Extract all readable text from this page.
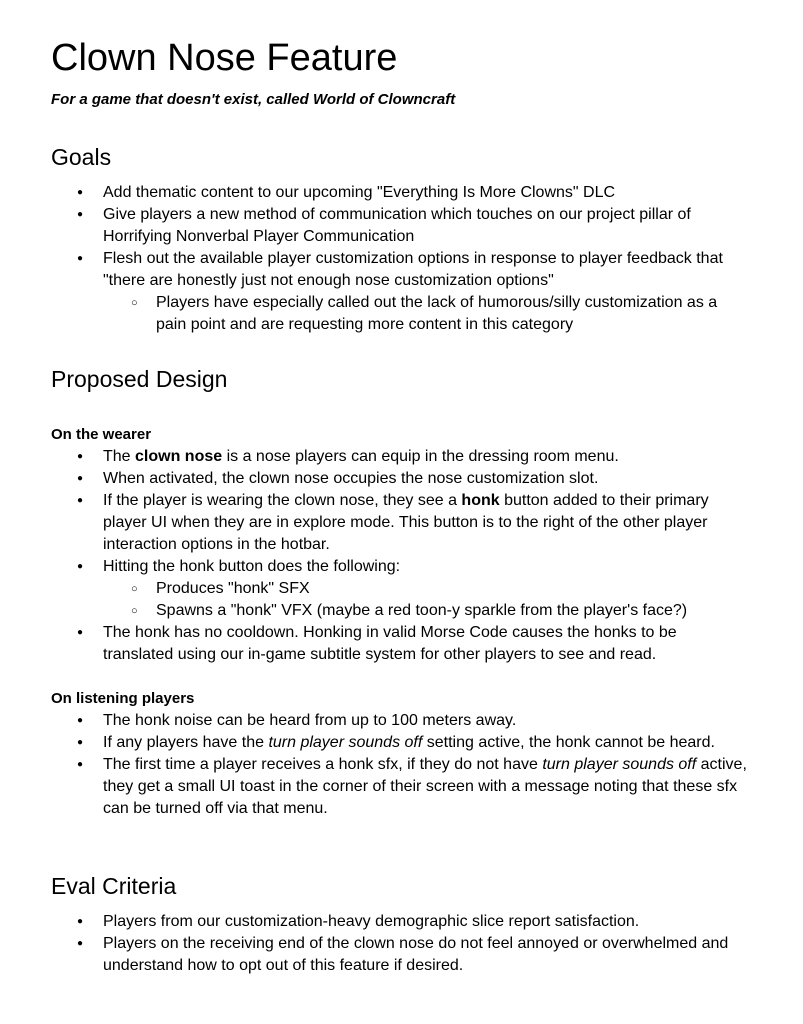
Clown Nose Feature
For a game that doesn't exist, called World of Clowncraft
Goals
● Add thematic content to our upcoming "Everything Is More Clowns" DLC
● Give players a new method of communication which touches on our project pillar of Horrifying Nonverbal Player Communication
● Flesh out the available player customization options in response to player feedback that "there are honestly just not enough nose customization options"
○ Players have especially called out the lack of humorous/silly customization as a pain point and are requesting more content in this category
Proposed Design
On the wearer
● The clown nose is a nose players can equip in the dressing room menu.
● When activated, the clown nose occupies the nose customization slot.
● If the player is wearing the clown nose, they see a honk button added to their primary player UI when they are in explore mode. This button is to the right of the other player interaction options in the hotbar.
● Hitting the honk button does the following:
○ Produces "honk" SFX
○ Spawns a "honk" VFX (maybe a red toon-y sparkle from the player's face?)
● The honk has no cooldown. Honking in valid Morse Code causes the honks to be translated using our in-game subtitle system for other players to see and read.
On listening players
● The honk noise can be heard from up to 100 meters away.
● If any players have the turn player sounds off setting active, the honk cannot be heard.
● The first time a player receives a honk sfx, if they do not have turn player sounds off active, they get a small UI toast in the corner of their screen with a message noting that these sfx can be turned off via that menu.
Eval Criteria
● Players from our customization-heavy demographic slice report satisfaction.
● Players on the receiving end of the clown nose do not feel annoyed or overwhelmed and understand how to opt out of this feature if desired.
